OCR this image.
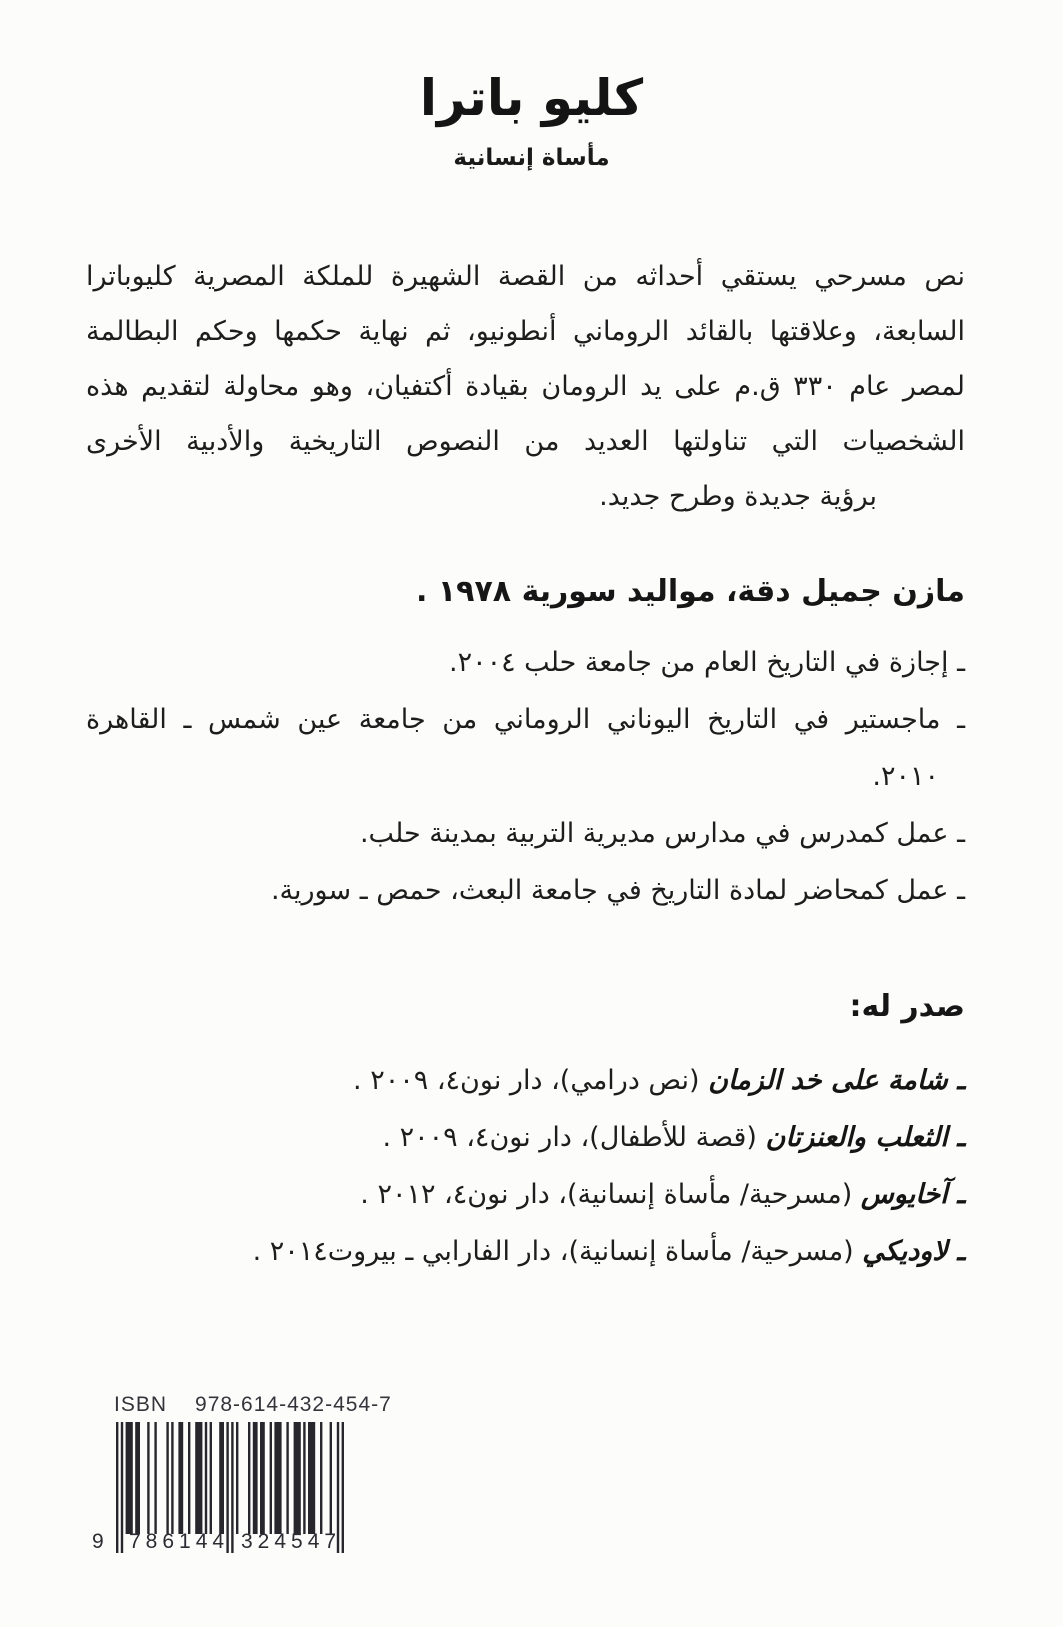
كليو باترا
مأساة إنسانية
نص مسرحي يستقي أحداثه من القصة الشهيرة للملكة المصرية كليوباترا
السابعة، وعلاقتها بالقائد الروماني أنطونيو، ثم نهاية حكمها وحكم البطالمة
لمصر عام ٣٣٠ ق.م على يد الرومان بقيادة أكتفيان، وهو محاولة لتقديم هذه
الشخصيات التي تناولتها العديد من النصوص التاريخية والأدبية الأخرى
برؤية جديدة وطرح جديد.
مازن جميل دقة، مواليد سورية ١٩٧٨ .
ـ إجازة في التاريخ العام من جامعة حلب ٢٠٠٤.
ـ ماجستير في التاريخ اليوناني الروماني من جامعة عين شمس ـ القاهرة
٢٠١٠.
ـ عمل كمدرس في مدارس مديرية التربية بمدينة حلب.
ـ عمل كمحاضر لمادة التاريخ في جامعة البعث، حمص ـ سورية.
صدر له:
ـ شامة على خد الزمان (نص درامي)، دار نون٤، ٢٠٠٩ .
ـ الثعلب والعنزتان (قصة للأطفال)، دار نون٤، ٢٠٠٩ .
ـ آخايوس (مسرحية/ مأساة إنسانية)، دار نون٤، ٢٠١٢ .
ـ لاوديكي (مسرحية/ مأساة إنسانية)، دار الفارابي ـ بيروت٢٠١٤ .
ISBN 978-614-432-454-7
9 786144 324547
